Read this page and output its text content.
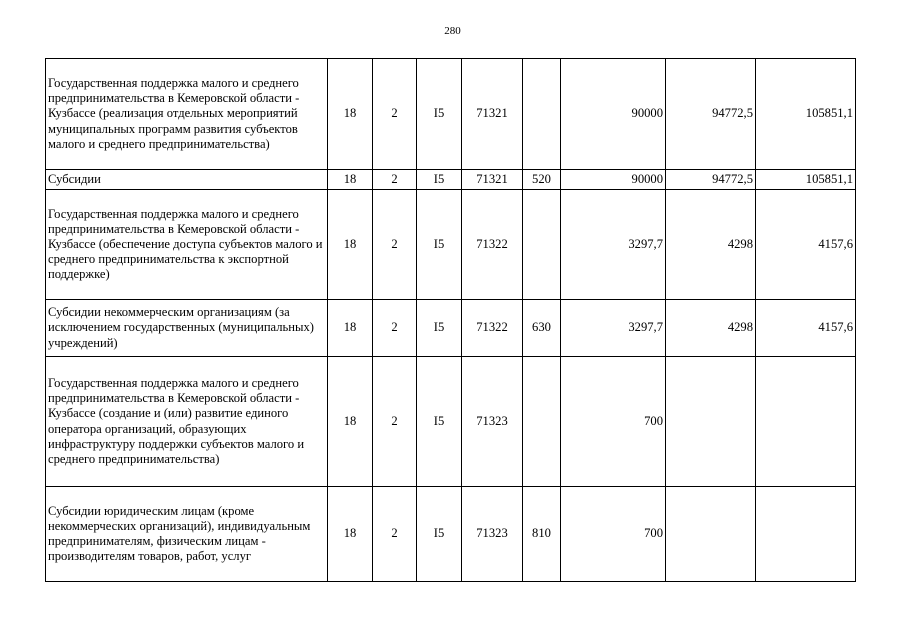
280
Государственная поддержка малого и среднего предпринимательства в Кемеровской области - Кузбассе (реализация отдельных мероприятий муниципальных программ развития субъектов малого и среднего предпринимательства)	18	2	I5	71321		90000	94772,5	105851,1
Субсидии	18	2	I5	71321	520	90000	94772,5	105851,1
Государственная поддержка малого и среднего предпринимательства в Кемеровской области - Кузбассе (обеспечение доступа субъектов малого и среднего предпринимательства к экспортной поддержке)	18	2	I5	71322		3297,7	4298	4157,6
Субсидии некоммерческим организациям (за исключением государственных (муниципальных) учреждений)	18	2	I5	71322	630	3297,7	4298	4157,6
Государственная поддержка малого и среднего предпринимательства в Кемеровской области - Кузбассе (создание и (или) развитие единого оператора организаций, образующих инфраструктуру поддержки субъектов малого и среднего предпринимательства)	18	2	I5	71323		700		
Субсидии юридическим лицам (кроме некоммерческих организаций), индивидуальным предпринимателям, физическим лицам - производителям товаров, работ, услуг	18	2	I5	71323	810	700		
